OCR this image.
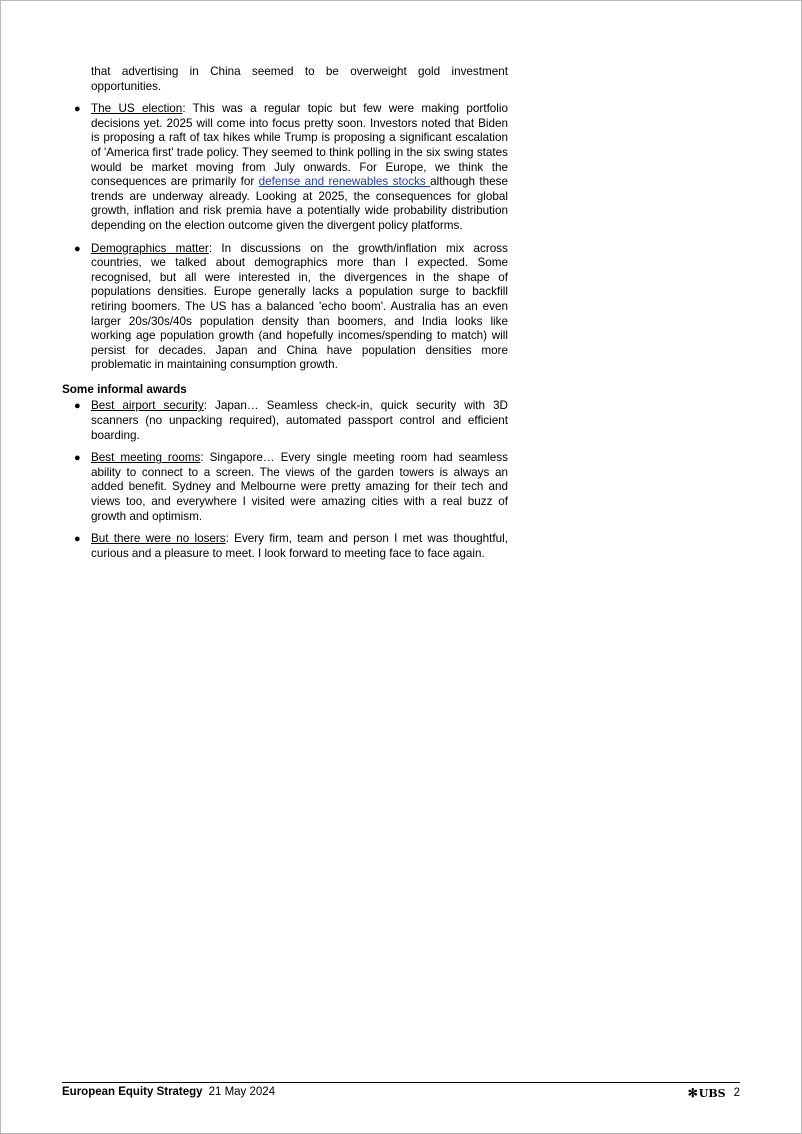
that advertising in China seemed to be overweight gold investment opportunities.

● The US election: This was a regular topic but few were making portfolio decisions yet. 2025 will come into focus pretty soon. Investors noted that Biden is proposing a raft of tax hikes while Trump is proposing a significant escalation of 'America first' trade policy. They seemed to think polling in the six swing states would be market moving from July onwards. For Europe, we think the consequences are primarily for defense and renewables stocks although these trends are underway already. Looking at 2025, the consequences for global growth, inflation and risk premia have a potentially wide probability distribution depending on the election outcome given the divergent policy platforms.
● Demographics matter: In discussions on the growth/inflation mix across countries, we talked about demographics more than I expected. Some recognised, but all were interested in, the divergences in the shape of populations densities. Europe generally lacks a population surge to backfill retiring boomers. The US has a balanced 'echo boom'. Australia has an even larger 20s/30s/40s population density than boomers, and India looks like working age population growth (and hopefully incomes/spending to match) will persist for decades. Japan and China have population densities more problematic in maintaining consumption growth.
Some informal awards
● Best airport security: Japan… Seamless check-in, quick security with 3D scanners (no unpacking required), automated passport control and efficient boarding.
● Best meeting rooms: Singapore… Every single meeting room had seamless ability to connect to a screen. The views of the garden towers is always an added benefit. Sydney and Melbourne were pretty amazing for their tech and views too, and everywhere I visited were amazing cities with a real buzz of growth and optimism.
● But there were no losers: Every firm, team and person I met was thoughtful, curious and a pleasure to meet. I look forward to meeting face to face again.
European Equity Strategy 21 May 2024	✻ UBS 2
